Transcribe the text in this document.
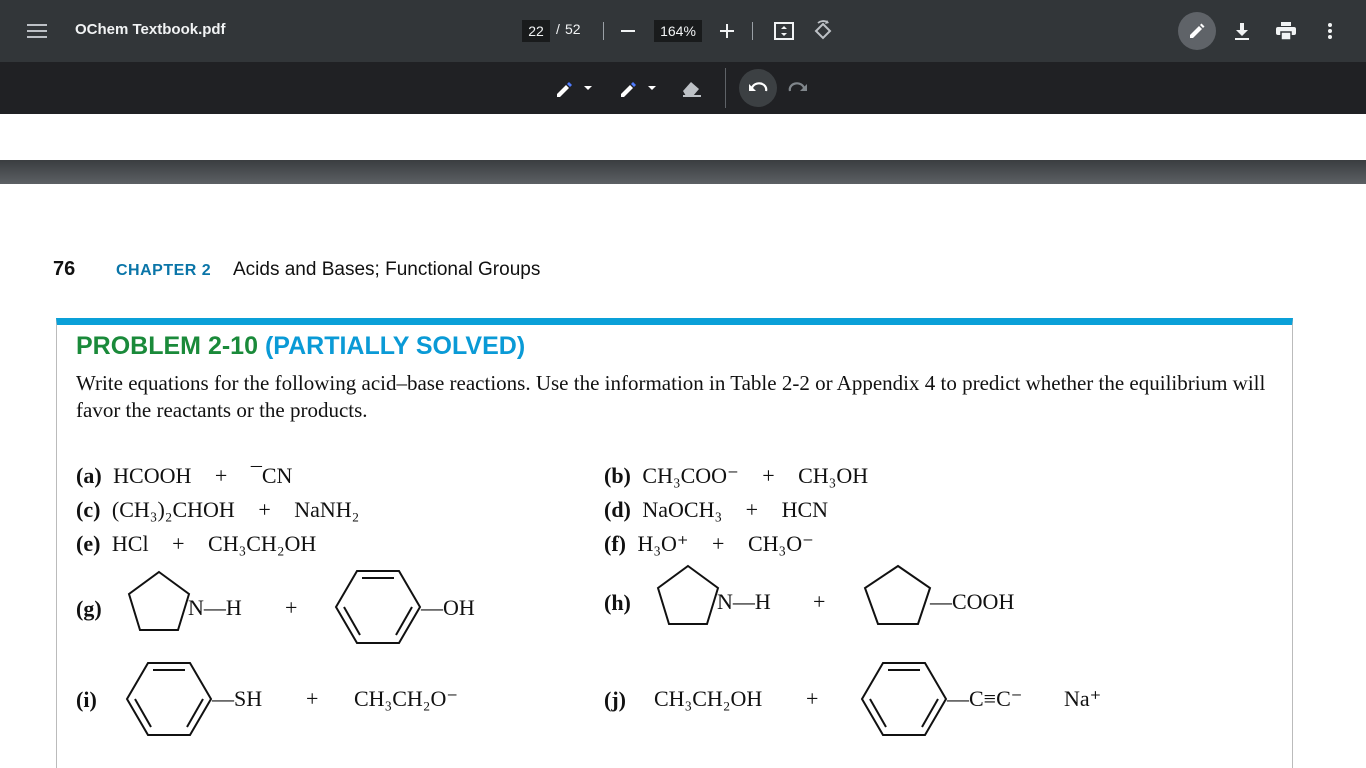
OChem Textbook.pdf	22 / 52	164%
76	CHAPTER 2 Acids and Bases; Functional Groups
PROBLEM 2-10 (PARTIALLY SOLVED)
Write equations for the following acid–base reactions. Use the information in Table 2-2 or Appendix 4 to predict whether the equilibrium will favor the reactants or the products.
(a) HCOOH + ¯CN	(b) CH₃COO⁻ + CH₃OH
(c) (CH₃)₂CHOH + NaNH₂	(d) NaOCH₃ + HCN
(e) HCl + CH₃CH₂OH	(f) H₃O⁺ + CH₃O⁻
(g)	N—H +	—OH	(h)	N—H +	—COOH
(i)	—SH + CH₃CH₂O⁻	(j) CH₃CH₂OH +	—C≡C⁻ Na⁺
